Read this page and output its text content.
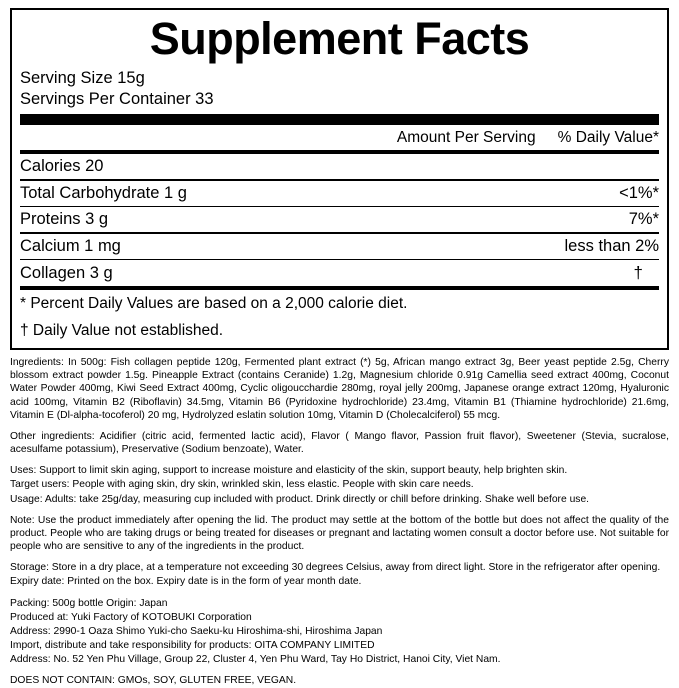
Supplement Facts
Serving Size 15g
Servings Per Container 33
Amount Per Serving % Daily Value*
Calories 20
Total Carbohydrate 1 g	<1%*
Proteins 3 g	7%*
Calcium 1 mg	less than 2%
Collagen 3 g	†
* Percent Daily Values are based on a 2,000 calorie diet.
† Daily Value not established.

Ingredients: In 500g: Fish collagen peptide 120g, Fermented plant extract (*) 5g, African mango extract 3g, Beer yeast peptide 2.5g, Cherry blossom extract powder 1.5g. Pineapple Extract (contains Ceranide) 1.2g, Magnesium chloride 0.91g Camellia seed extract 400mg, Coconut Water Powder 400mg, Kiwi Seed Extract 400mg, Cyclic oligoucchardie 280mg, royal jelly 200mg, Japanese orange extract 120mg, Hyaluronic acid 100mg, Vitamin B2 (Riboflavin) 34.5mg, Vitamin B6 (Pyridoxine hydrochloride) 23.4mg, Vitamin B1 (Thiamine hydrochloride) 21.6mg, Vitamin E (Dl-alpha-tocoferol) 20 mg, Hydrolyzed eslatin solution 10mg, Vitamin D (Cholecalciferol) 55 mcg.

Other ingredients: Acidifier (citric acid, fermented lactic acid), Flavor ( Mango flavor, Passion fruit flavor), Sweetener (Stevia, sucralose, acesulfame potassium), Preservative (Sodium benzoate), Water.

Uses: Support to limit skin aging, support to increase moisture and elasticity of the skin, support beauty, help brighten skin.

Target users: People with aging skin, dry skin, wrinkled skin, less elastic. People with skin care needs.

Usage: Adults: take 25g/day, measuring cup included with product. Drink directly or chill before drinking. Shake well before use.

Note: Use the product immediately after opening the lid. The product may settle at the bottom of the bottle but does not affect the quality of the product. People who are taking drugs or being treated for diseases or pregnant and lactating women consult a doctor before use. Not suitable for people who are sensitive to any of the ingredients in the product.

Storage: Store in a dry place, at a temperature not exceeding 30 degrees Celsius, away from direct light. Store in the refrigerator after opening.

Expiry date: Printed on the box. Expiry date is in the form of year month date.

Packing: 500g bottle Origin: Japan

Produced at: Yuki Factory of KOTOBUKI Corporation

Address: 2990-1 Oaza Shimo Yuki-cho Saeku-ku Hiroshima-shi, Hiroshima Japan

Import, distribute and take responsibility for products: OITA COMPANY LIMITED

Address: No. 52 Yen Phu Village, Group 22, Cluster 4, Yen Phu Ward, Tay Ho District, Hanoi City, Viet Nam.

DOES NOT CONTAIN: GMOs, SOY, GLUTEN FREE, VEGAN.
